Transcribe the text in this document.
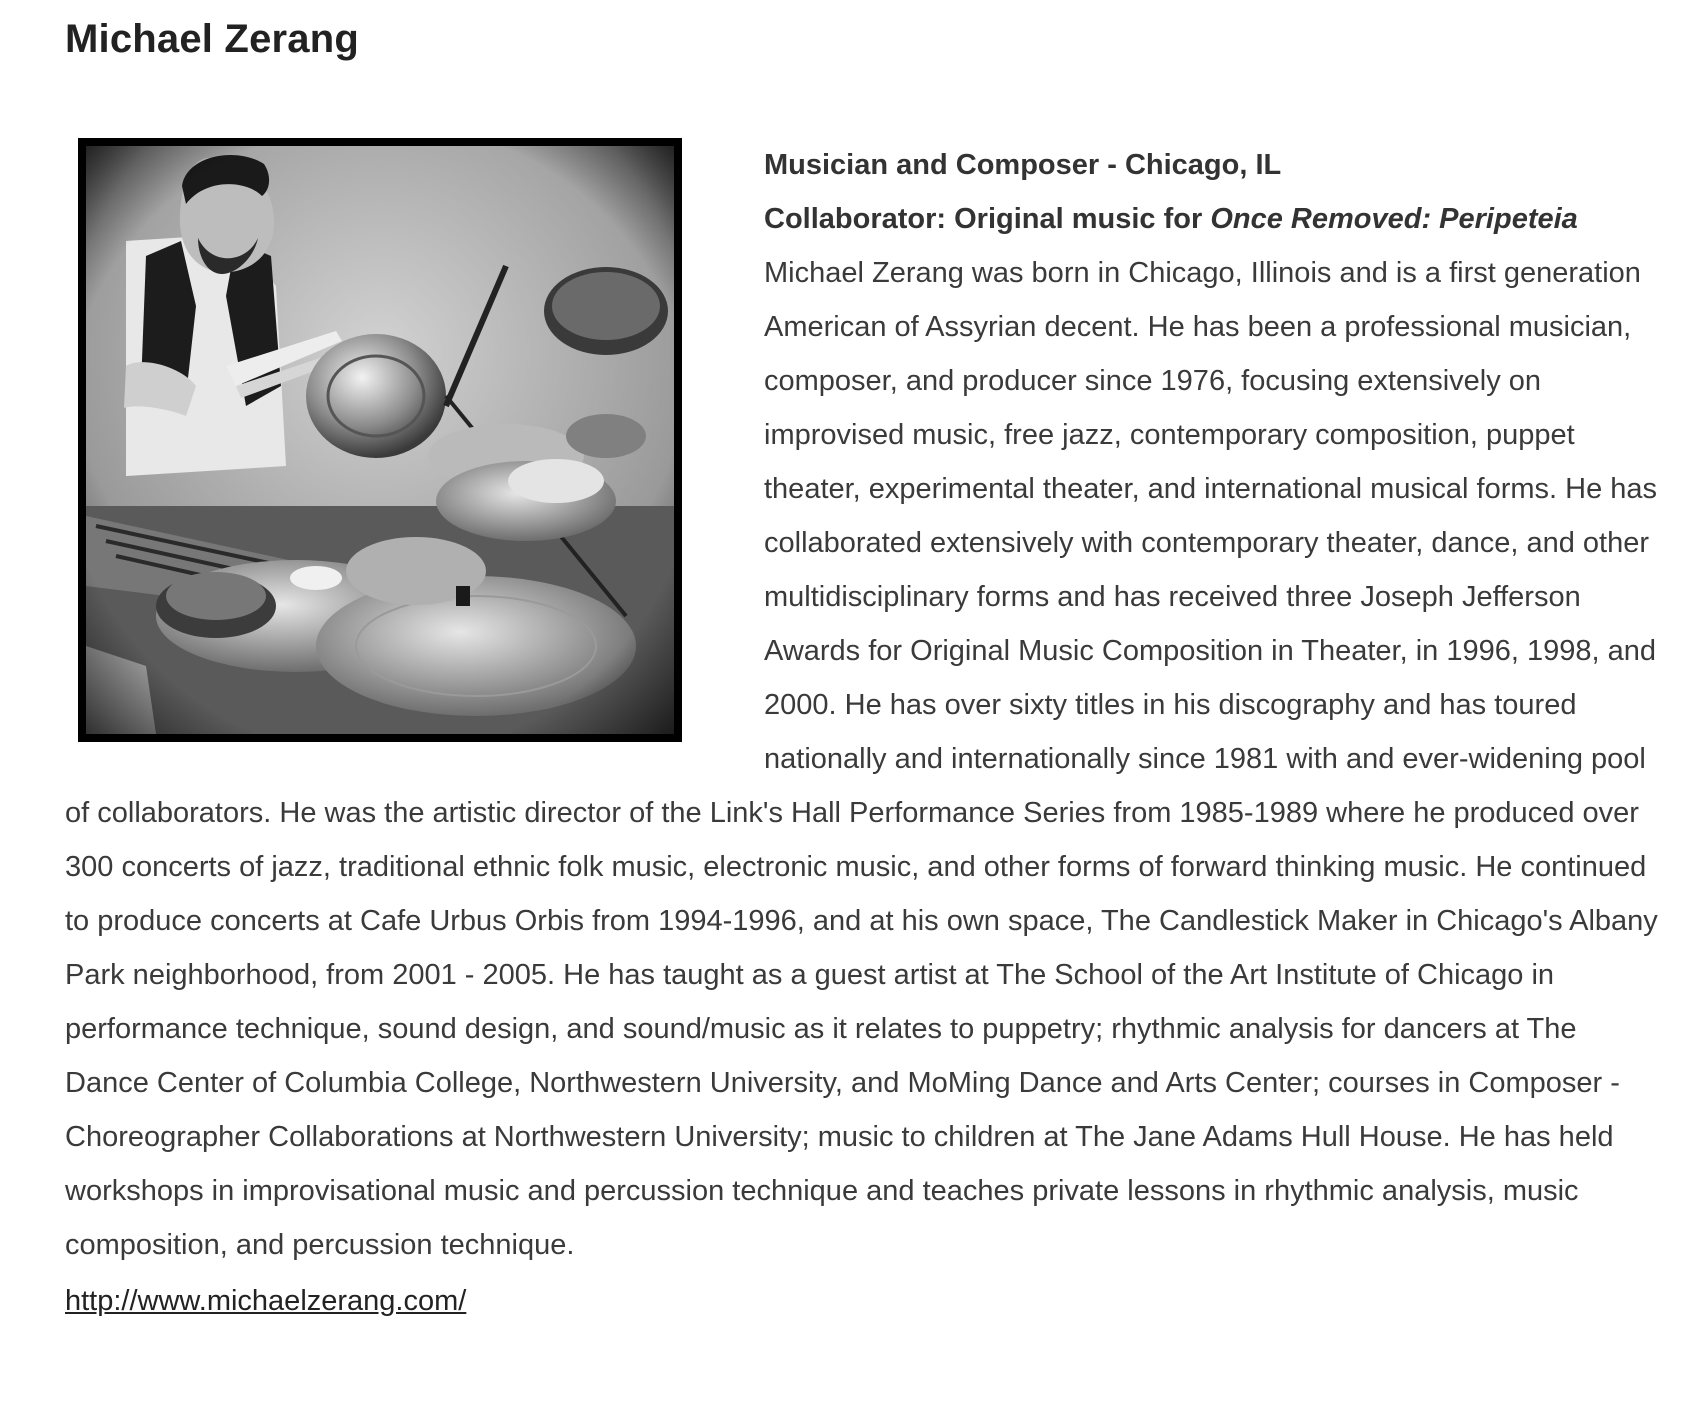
Michael Zerang
Musician and Composer - Chicago, IL
Collaborator: Original music for Once Removed: Peripeteia

Michael Zerang was born in Chicago, Illinois and is a first generation American of Assyrian decent. He has been a professional musician, composer, and producer since 1976, focusing extensively on improvised music, free jazz, contemporary composition, puppet theater, experimental theater, and international musical forms. He has collaborated extensively with contemporary theater, dance, and other multidisciplinary forms and has received three Joseph Jefferson Awards for Original Music Composition in Theater, in 1996, 1998, and 2000. He has over sixty titles in his discography and has toured nationally and internationally since 1981 with and ever-widening pool of collaborators. He was the artistic director of the Link's Hall Performance Series from 1985-1989 where he produced over 300 concerts of jazz, traditional ethnic folk music, electronic music, and other forms of forward thinking music. He continued to produce concerts at Cafe Urbus Orbis from 1994-1996, and at his own space, The Candlestick Maker in Chicago's Albany Park neighborhood, from 2001 - 2005. He has taught as a guest artist at The School of the Art Institute of Chicago in performance technique, sound design, and sound/music as it relates to puppetry; rhythmic analysis for dancers at The Dance Center of Columbia College, Northwestern University, and MoMing Dance and Arts Center; courses in Composer - Choreographer Collaborations at Northwestern University; music to children at The Jane Adams Hull House. He has held workshops in improvisational music and percussion technique and teaches private lessons in rhythmic analysis, music composition, and percussion technique.

http://www.michaelzerang.com/
